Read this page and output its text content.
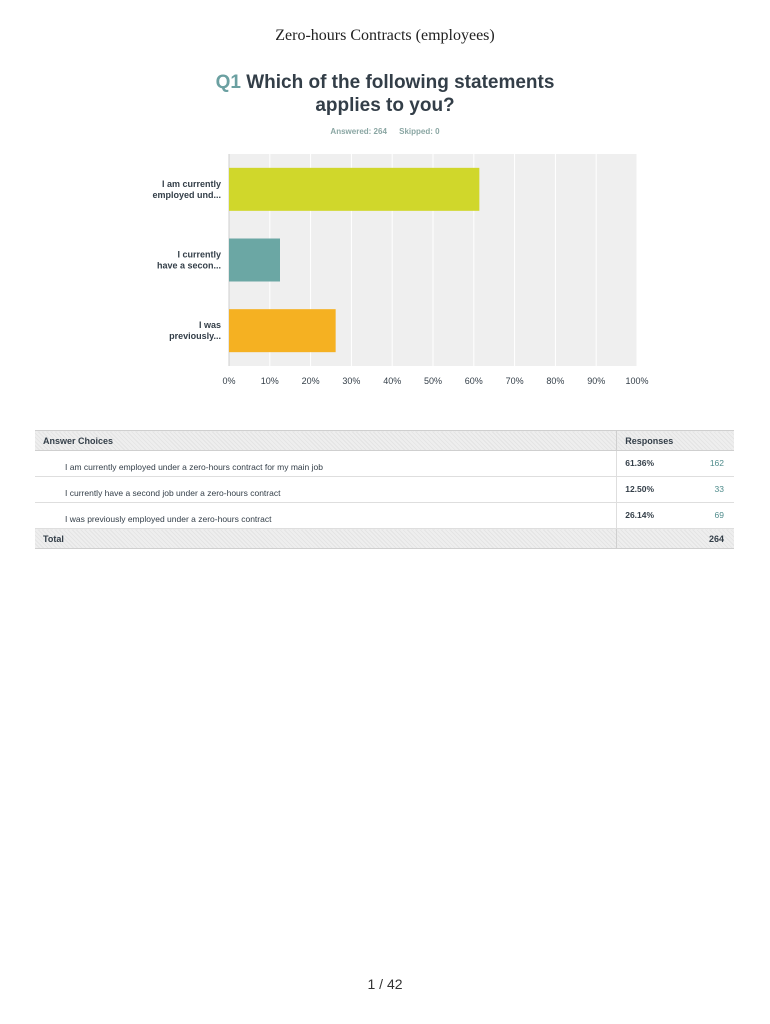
Zero-hours Contracts (employees)
Q1 Which of the following statements applies to you?
Answered: 264 Skipped: 0
0%	10%	20%	30%	40%	50%	60%	70%	80%	90% 100%
I am currently
employed und...
I currently
have a secon...
I was
previously...
Answer Choices	Responses	
I am currently employed under a zero-hours contract for my main job	61.36%	162
I currently have a second job under a zero-hours contract	12.50%	33
I was previously employed under a zero-hours contract	26.14%	69
Total	264	
1 / 42
